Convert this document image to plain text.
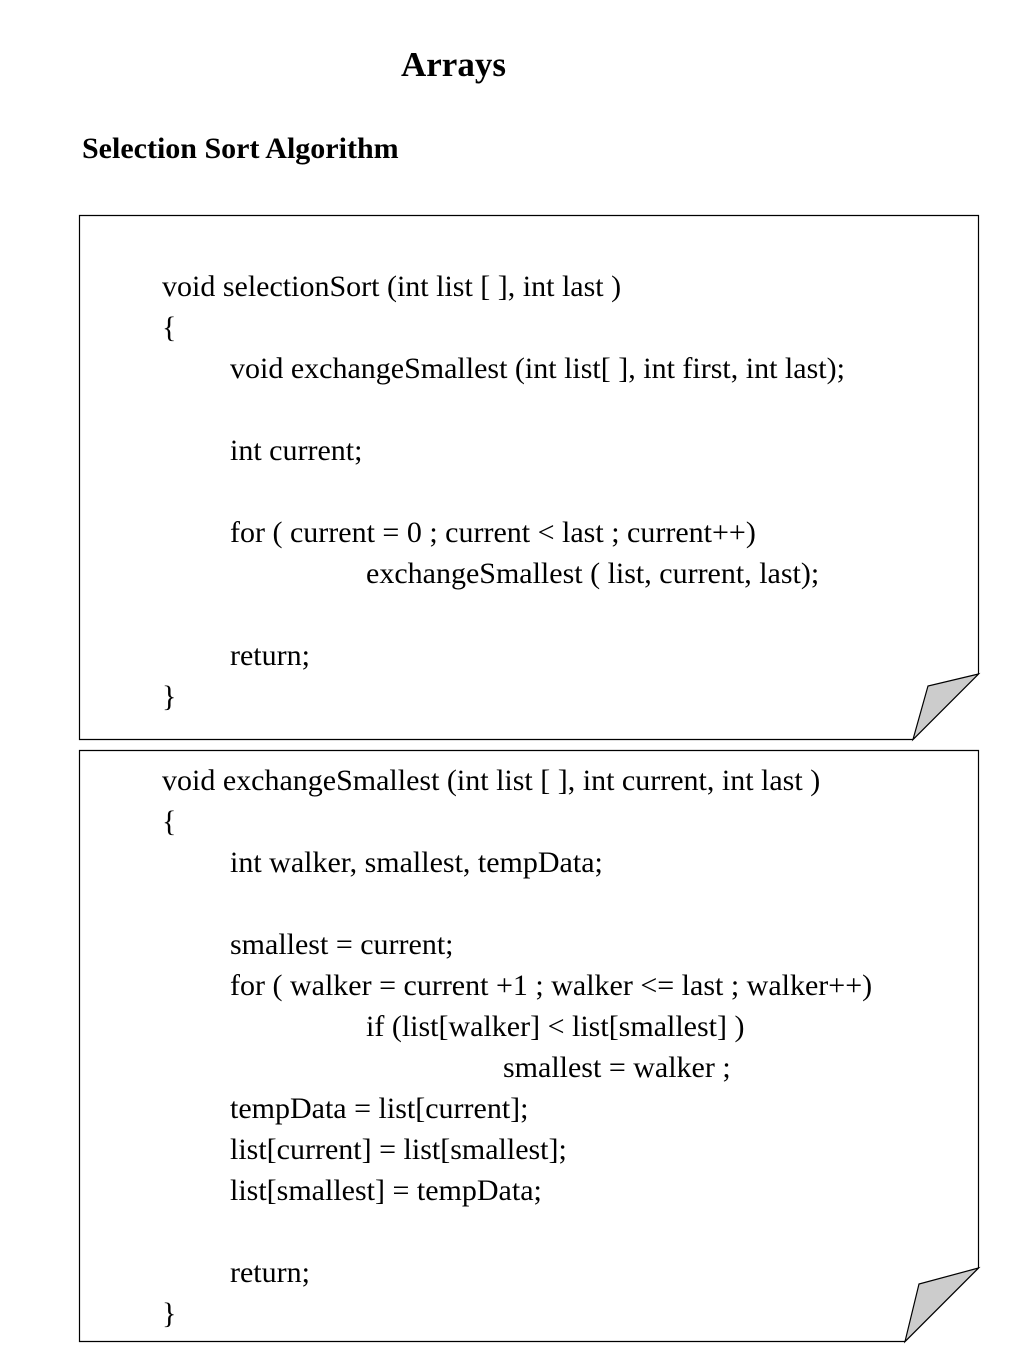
Arrays
Selection Sort Algorithm
void selectionSort (int list [ ], int last )
{
void exchangeSmallest (int list[ ], int first, int last);
int current;
for ( current = 0 ; current < last ; current++)
exchangeSmallest ( list, current, last);
return;
}
void exchangeSmallest (int list [ ], int current, int last )
{
int walker, smallest, tempData;
smallest = current;
for ( walker = current +1 ; walker <= last ; walker++)
if (list[walker] < list[smallest] )
smallest = walker ;
tempData = list[current];
list[current] = list[smallest];
list[smallest] = tempData;
return;
}
